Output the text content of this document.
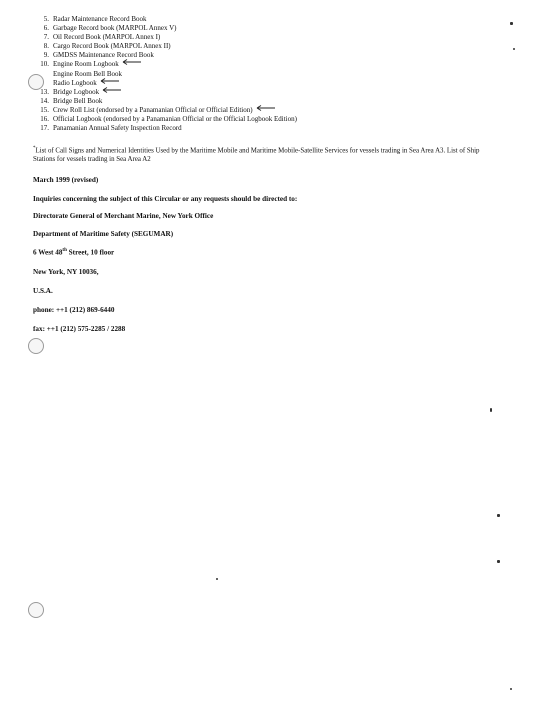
5. Radar Maintenance Record Book
6. Garbage Record book (MARPOL Annex V)
7. Oil Record Book (MARPOL Annex I)
8. Cargo Record Book (MARPOL Annex II)
9. GMDSS Maintenance Record Book
10. Engine Room Logbook
Engine Room Bell Book
Radio Logbook
13. Bridge Logbook
14. Bridge Bell Book
15. Crew Roll List (endorsed by a Panamanian Official or Official Edition)
16. Official Logbook (endorsed by a Panamanian Official or the Official Logbook Edition)
17. Panamanian Annual Safety Inspection Record
*List of Call Signs and Numerical Identities Used by the Maritime Mobile and Maritime Mobile-Satellite Services for vessels trading in Sea Area A3. List of Ship Stations for vessels trading in Sea Area A2
March 1999 (revised)
Inquiries concerning the subject of this Circular or any requests should be directed to:
Directorate General of Merchant Marine, New York Office
Department of Maritime Safety (SEGUMAR)
6 West 48th Street, 10 floor
New York, NY 10036,
U.S.A.
phone: ++1 (212) 869-6440
fax: ++1 (212) 575-2285 / 2288
